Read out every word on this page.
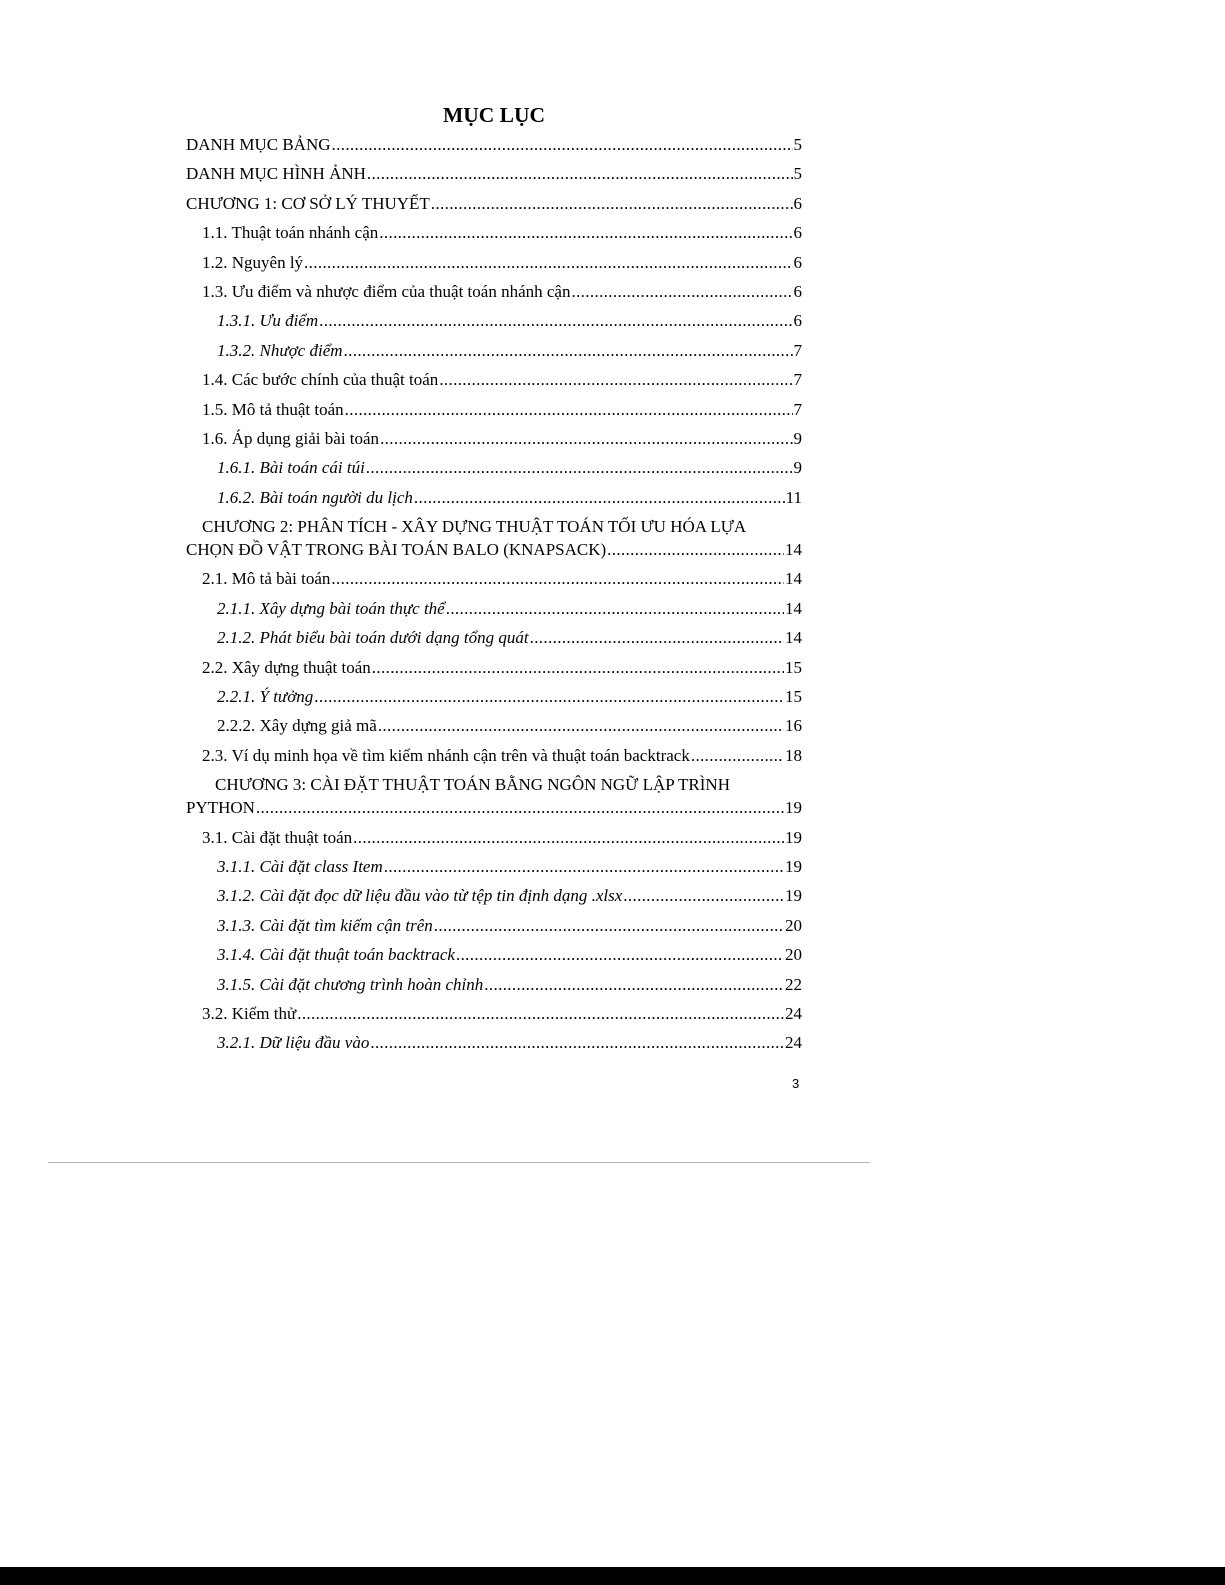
MỤC LỤC
DANH MỤC BẢNG .....	5
DANH MỤC HÌNH ẢNH .....	5
CHƯƠNG 1: CƠ SỞ LÝ THUYẾT .....	6
1.1. Thuật toán nhánh cận .....	6
1.2. Nguyên lý .....	6
1.3. Ưu điểm và nhược điểm của thuật toán nhánh cận .....	6
1.3.1. Ưu điểm .....	6
1.3.2. Nhược điểm .....	7
1.4. Các bước chính của thuật toán .....	7
1.5. Mô tả thuật toán .....	7
1.6. Áp dụng giải bài toán .....	9
1.6.1. Bài toán cái túi .....	9
1.6.2. Bài toán người du lịch .....	11
CHƯƠNG 2: PHÂN TÍCH - XÂY DỰNG THUẬT TOÁN TỐI ƯU HÓA LỰA
CHỌN ĐỒ VẬT TRONG BÀI TOÁN BALO (KNAPSACK) .....	14
2.1. Mô tả bài toán .....	14
2.1.1. Xây dựng bài toán thực thể .....	14
2.1.2. Phát biểu bài toán dưới dạng tổng quát .....	14
2.2. Xây dựng thuật toán .....	15
2.2.1. Ý tưởng .....	15
2.2.2. Xây dựng giả mã .....	16
2.3. Ví dụ minh họa về tìm kiếm nhánh cận trên và thuật toán backtrack .....	18
CHƯƠNG 3: CÀI ĐẶT THUẬT TOÁN BẰNG NGÔN NGỮ LẬP TRÌNH
PYTHON .....	19
3.1. Cài đặt thuật toán .....	19
3.1.1. Cài đặt class Item .....	19
3.1.2. Cài đặt đọc dữ liệu đầu vào từ tệp tin định dạng .xlsx .....	19
3.1.3. Cài đặt tìm kiếm cận trên .....	20
3.1.4. Cài đặt thuật toán backtrack .....	20
3.1.5. Cài đặt chương trình hoàn chỉnh .....	22
3.2. Kiểm thử .....	24
3.2.1. Dữ liệu đầu vào .....	24
3
